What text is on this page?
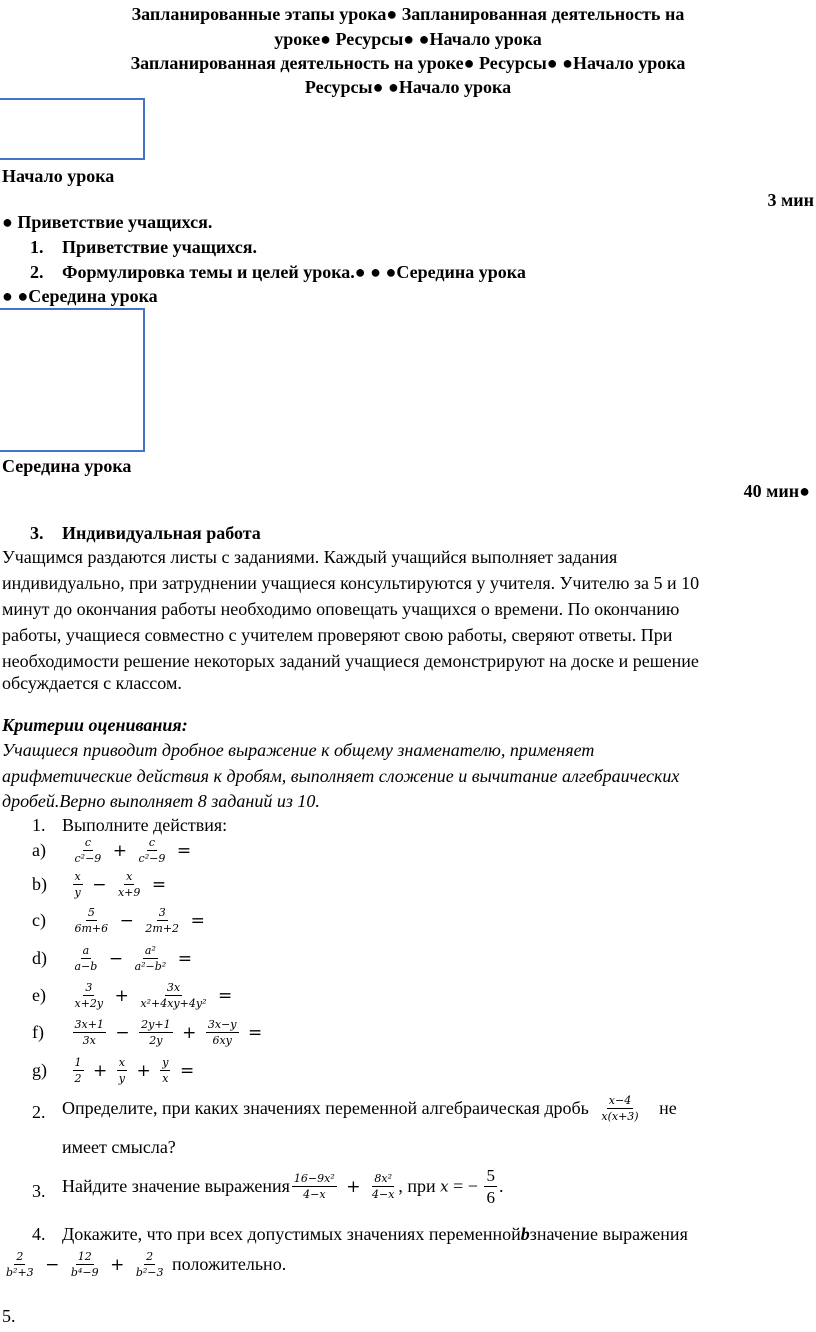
Запланированные этапы урока● Запланированная деятельность на
уроке● Ресурсы● ●Начало урока
Запланированная деятельность на уроке● Ресурсы● ●Начало урока
Ресурсы● ●Начало урока
Начало урока
3 мин
● Приветствие учащихся.
1. Приветствие учащихся.
2. Формулировка темы и целей урока.● ● ●Середина урока
● ●Середина урока
Середина урока
40 мин●
3. Индивидуальная работа
Учащимся раздаются листы с заданиями. Каждый учащийся выполняет задания
индивидуально, при затруднении учащиеся консультируются у учителя. Учителю за 5 и 10
минут до окончания работы необходимо оповещать учащихся о времени. По окончанию
работы, учащиеся совместно с учителем проверяют свою работы, сверяют ответы. При
необходимости решение некоторых заданий учащиеся демонстрируют на доске и решение
обсуждается с классом.
Критерии оценивания:
Учащиеся приводит дробное выражение к общему знаменателю, применяет
арифметические действия к дробям, выполняет сложение и вычитание алгебраических
дробей.Верно выполняет 8 заданий из 10.
1. Выполните действия:
$a) \frac{c}{\text{c²−9}} + \frac{c}{\text{c²−9}}$ =
$b) \frac{x}{y} - \frac{x}{x+9}$ =
$c) \frac{5}{6m+6} - \frac{3}{2m+2}$ =
$d) \frac{a}{a-b} - \frac{\text{a²}}{\text{a²−b²}}$ =
$e) \frac{3}{x+2y} + \frac{3x}{\text{x²+4xy+4y²}}$ =
f)	$\frac{3x+1}{3x} - \frac{2y+1}{2y} + \frac{3x-y}{6xy}$ =
$g) \frac{1}{2} + \frac{x}{y} + \frac{y}{x}$ =
2. Определите, при каких значениях переменной алгебраическая дробь $\frac{x-4}{x(x+3)}$ не
имеет смысла?
3. Найдите значение выражения $\frac{\text{16−9x²}}{4-x} + \frac{\text{8x²}}{4-x}$ , при x = − $\frac{5}{6}$ .
4. Докажите, что при всех допустимых значениях переменнойbзначение выражения
$\frac{2}{\text{b²+3}} - \frac{12}{\text{b⁴−9}} + \frac{2}{\text{b²−3}}$ положительно.
5.
